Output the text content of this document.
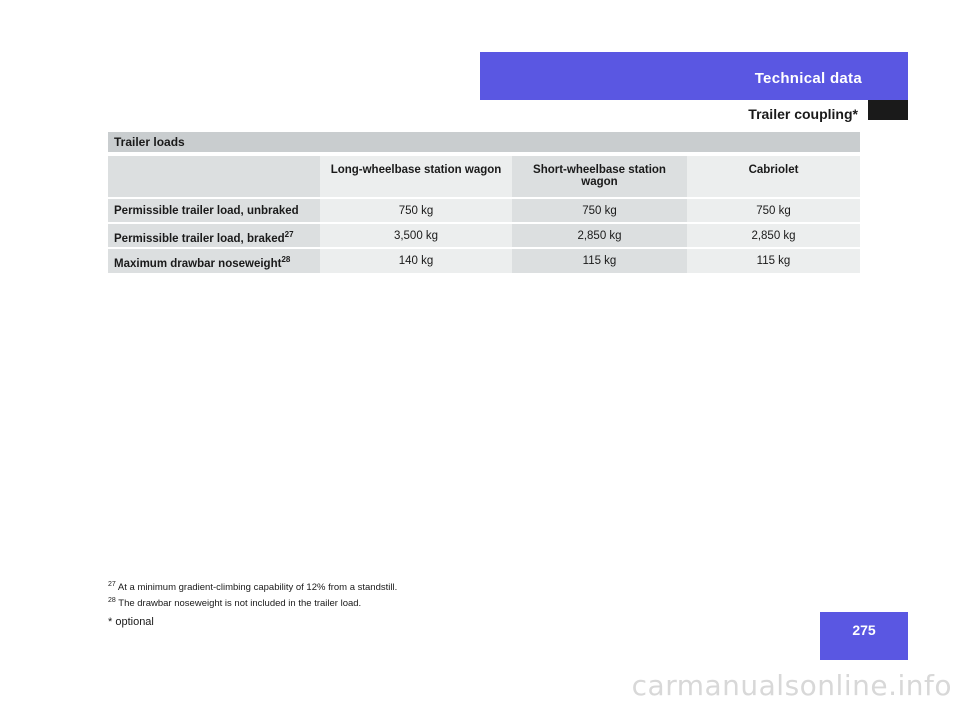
Technical data
Trailer coupling*
Trailer loads
	Long-wheelbase station wagon	Short-wheelbase station wagon	Cabriolet
Permissible trailer load, unbraked	750 kg	750 kg	750 kg
Permissible trailer load, braked$^{27}$	3,500 kg	2,850 kg	2,850 kg
Maximum drawbar noseweight$^{28}$	140 kg	115 kg	115 kg
$^{27}$ At a minimum gradient-climbing capability of 12% from a standstill.
$^{28}$ The drawbar noseweight is not included in the trailer load.
* optional	275
carmanualsonline.info
